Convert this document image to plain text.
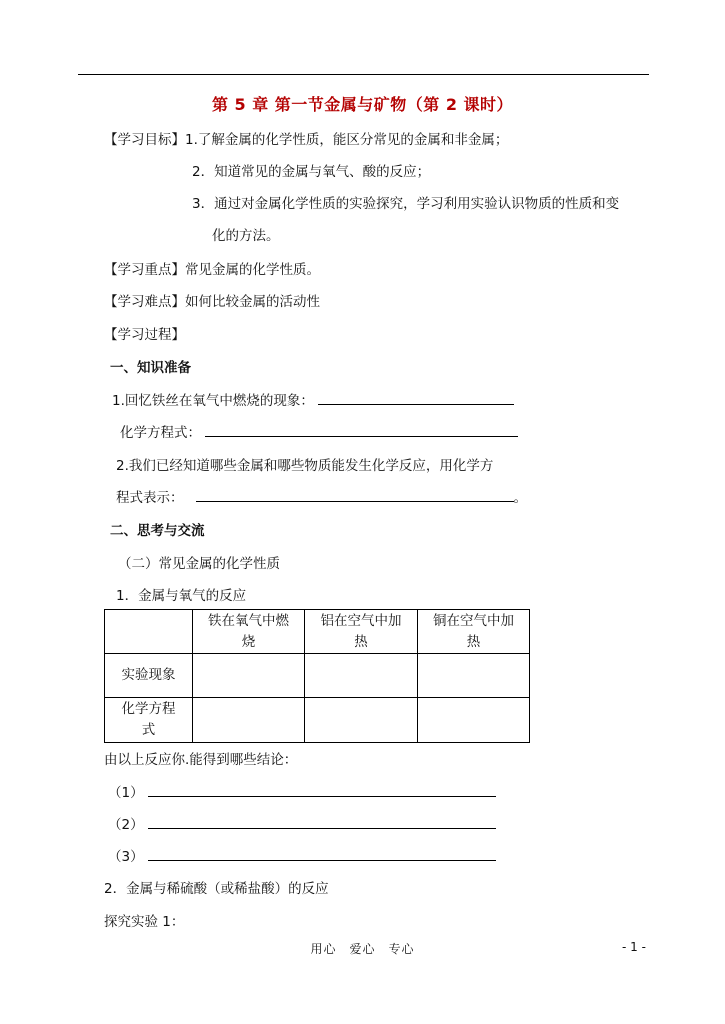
第 5 章 第一节金属与矿物（第 2 课时）
【学习目标】1.了解金属的化学性质，能区分常见的金属和非金属；
2．知道常见的金属与氧气、酸的反应；
3．通过对金属化学性质的实验探究，学习利用实验认识物质的性质和变
化的方法。
【学习重点】常见金属的化学性质。
【学习难点】如何比较金属的活动性
【学习过程】
一、知识准备
1.回忆铁丝在氧气中燃烧的现象：
化学方程式：
2.我们已经知道哪些金属和哪些物质能发生化学反应，用化学方
程式表示：	。
二、思考与交流
（二）常见金属的化学性质
1．金属与氧气的反应
	铁在氧气中燃烧	铝在空气中加热	铜在空气中加热
实验现象			
化学方程式			
由以上反应你.能得到哪些结论：
（1）
（2）
（3）
2．金属与稀硫酸（或稀盐酸）的反应
探究实验 1：
用心　爱心　专心	- 1 -
